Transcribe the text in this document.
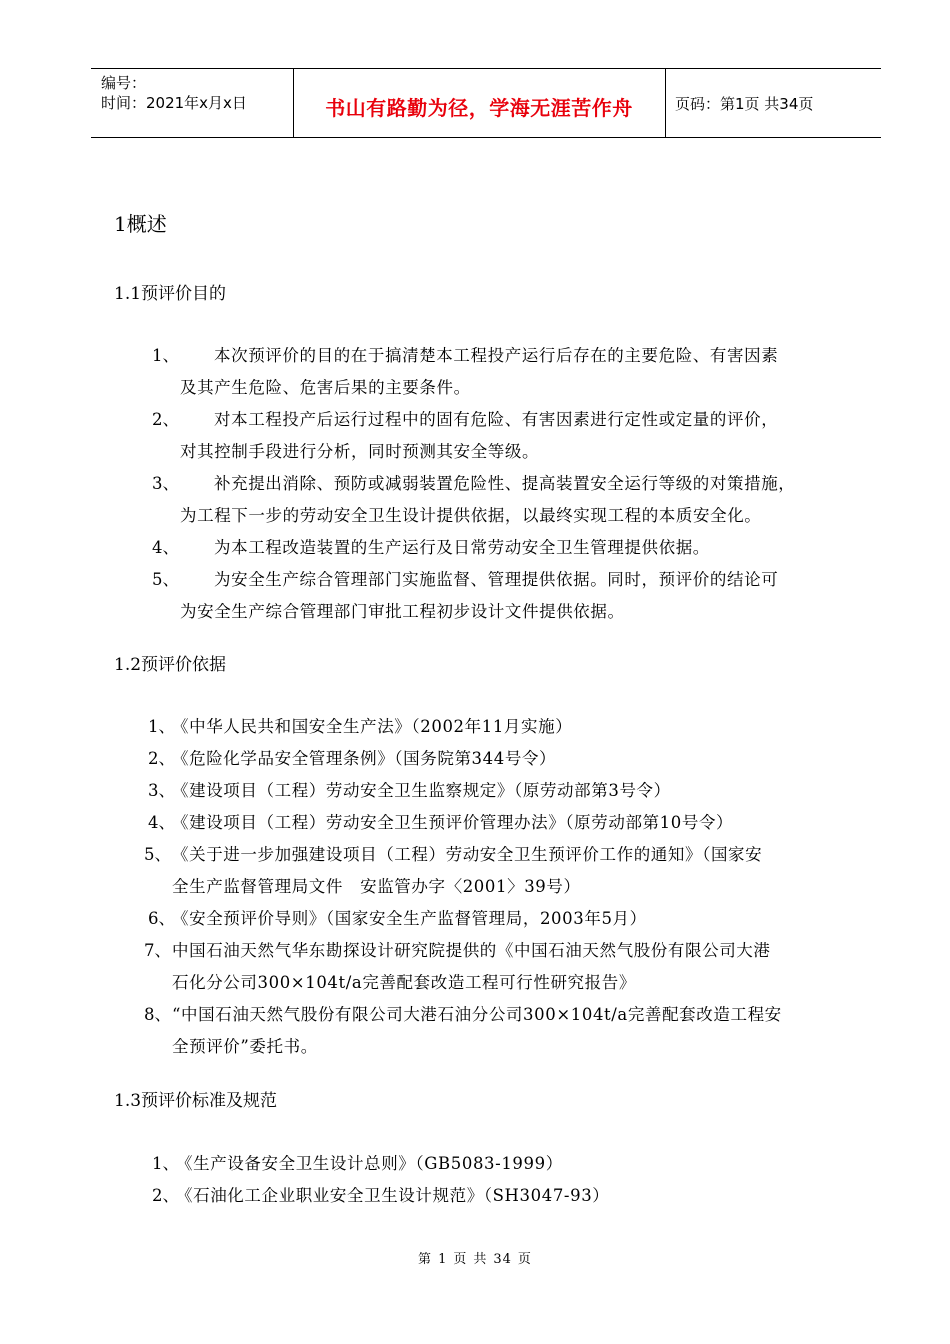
编号：
时间：2021年x月x日	书山有路勤为径，学海无涯苦作舟	页码：第1页 共34页
1概述
1.1预评价目的
1、 本次预评价的目的在于搞清楚本工程投产运行后存在的主要危险、有害因素
及其产生危险、危害后果的主要条件。
2、 对本工程投产后运行过程中的固有危险、有害因素进行定性或定量的评价，
对其控制手段进行分析，同时预测其安全等级。
3、 补充提出消除、预防或减弱装置危险性、提高装置安全运行等级的对策措施，
为工程下一步的劳动安全卫生设计提供依据，以最终实现工程的本质安全化。
4、 为本工程改造装置的生产运行及日常劳动安全卫生管理提供依据。
5、 为安全生产综合管理部门实施监督、管理提供依据。同时，预评价的结论可
为安全生产综合管理部门审批工程初步设计文件提供依据。
1.2预评价依据
1、
《中华人民共和国安全生产法》（2002年11月实施）
2、
《危险化学品安全管理条例》（国务院第344号令）
3、
《建设项目（工程）劳动安全卫生监察规定》（原劳动部第3号令）
4、
《建设项目（工程）劳动安全卫生预评价管理办法》（原劳动部第10号令）
5、 《关于进一步加强建设项目（工程）劳动安全卫生预评价工作的通知》（国家安
全生产监督管理局文件　安监管办字〈2001〉39号）
6、
《安全预评价导则》（国家安全生产监督管理局，2003年5月）
7、 中国石油天然气华东勘探设计研究院提供的《中国石油天然气股份有限公司大港
石化分公司300×104t/a完善配套改造工程可行性研究报告》
8、 “中国石油天然气股份有限公司大港石油分公司300×104t/a完善配套改造工程安
全预评价”委托书。
1.3预评价标准及规范
1、
《生产设备安全卫生设计总则》（GB5083-1999）
2、
《石油化工企业职业安全卫生设计规范》（SH3047-93）
第 1 页 共 34 页
